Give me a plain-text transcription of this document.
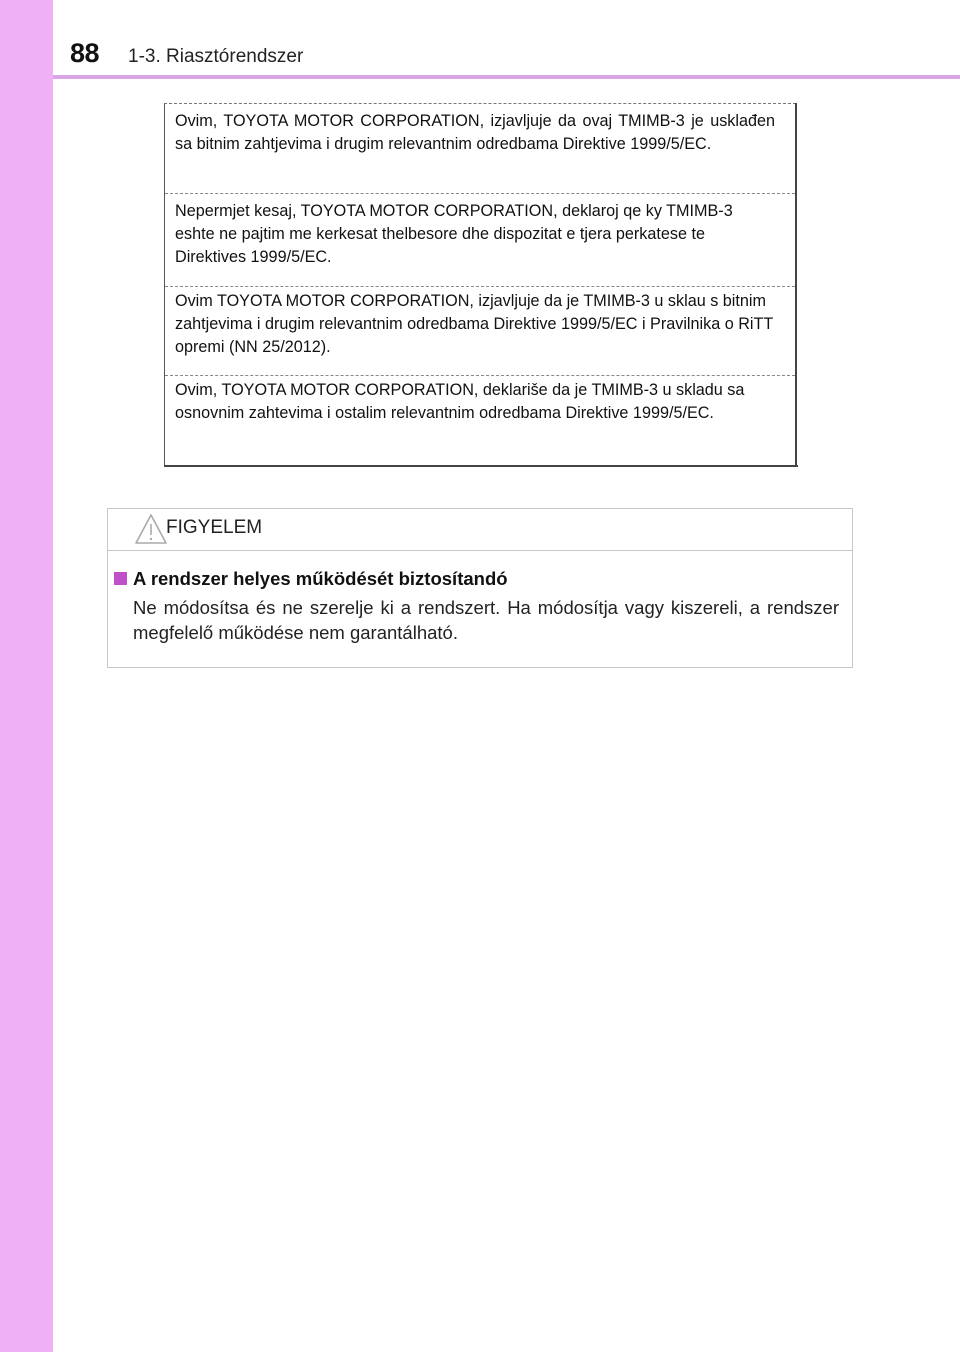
88 1-3. Riasztórendszer
Ovim, TOYOTA MOTOR CORPORATION, izjavljuje da ovaj TMIMB-3 je usklađen sa bitnim zahtjevima i drugim relevantnim odredbama Direktive 1999/5/EC.
Nepermjet kesaj, TOYOTA MOTOR CORPORATION, deklaroj qe ky TMIMB-3 eshte ne pajtim me kerkesat thelbesore dhe dispozitat e tjera perkatese te Direktives 1999/5/EC.
Ovim TOYOTA MOTOR CORPORATION, izjavljuje da je TMIMB-3 u sklau s bitnim zahtjevima i drugim relevantnim odredbama Direktive 1999/5/EC i Pravilnika o RiTT opremi (NN 25/2012).
Ovim, TOYOTA MOTOR CORPORATION, deklariše da je TMIMB-3 u skladu sa osnovnim zahtevima i ostalim relevantnim odredbama Direktive 1999/5/EC.
FIGYELEM
A rendszer helyes működését biztosítandó
Ne módosítsa és ne szerelje ki a rendszert. Ha módosítja vagy kiszereli, a rendszer megfelelő működése nem garantálható.
